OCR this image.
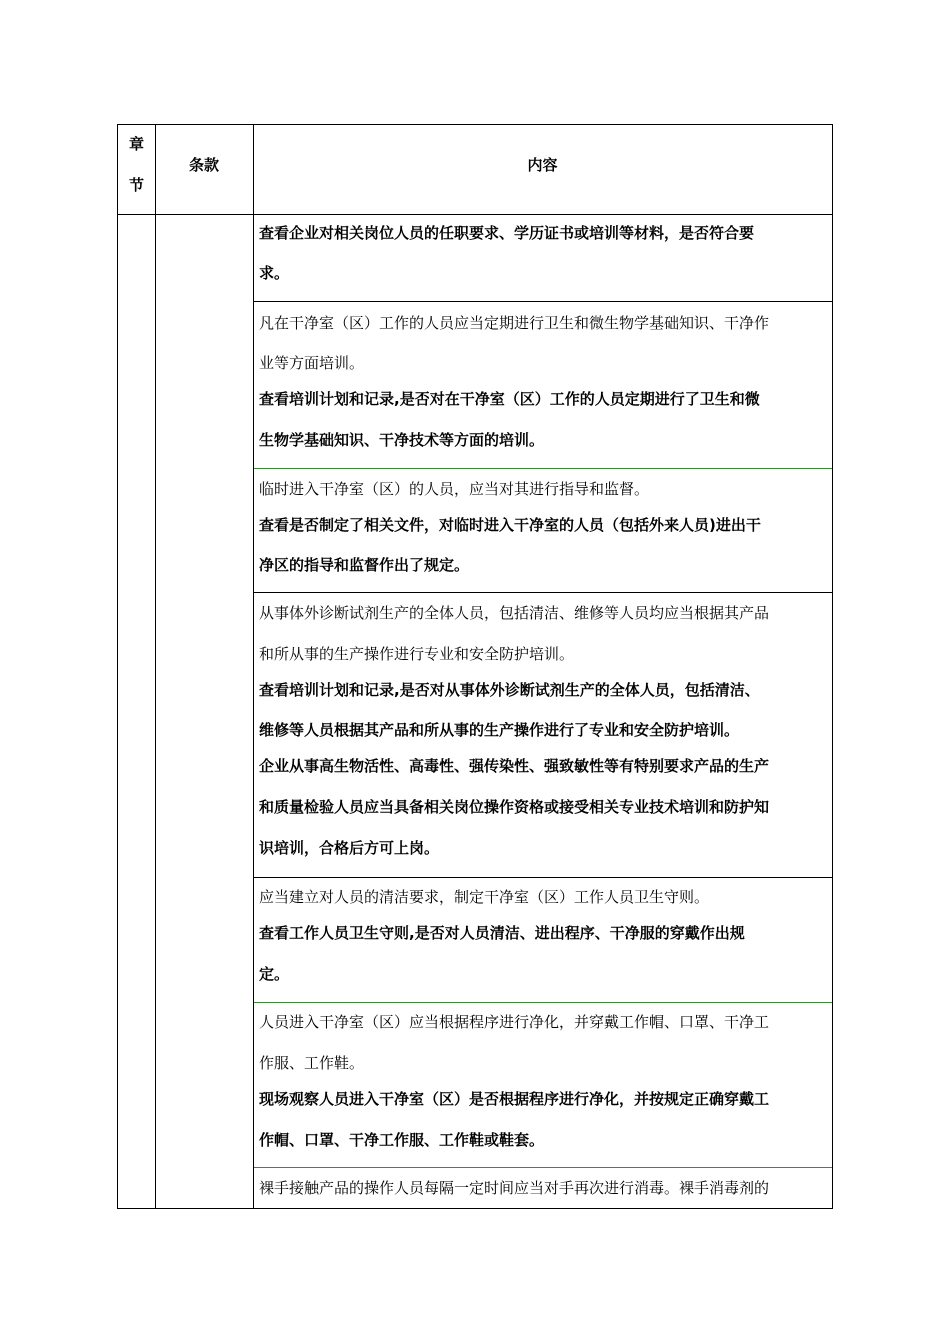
章
节
条款	内容
查看企业对相关岗位人员的任职要求、学历证书或培训等材料，是否符合要
求。
凡在干净室（区）工作的人员应当定期进行卫生和微生物学基础知识、干净作
业等方面培训。
查看培训计划和记录,是否对在干净室（区）工作的人员定期进行了卫生和微
生物学基础知识、干净技术等方面的培训。
临时进入干净室（区）的人员，应当对其进行指导和监督。
查看是否制定了相关文件，对临时进入干净室的人员（包括外来人员)进出干
净区的指导和监督作出了规定。
从事体外诊断试剂生产的全体人员，包括清洁、维修等人员均应当根据其产品
和所从事的生产操作进行专业和安全防护培训。
查看培训计划和记录,是否对从事体外诊断试剂生产的全体人员，包括清洁、
维修等人员根据其产品和所从事的生产操作进行了专业和安全防护培训。
企业从事高生物活性、高毒性、强传染性、强致敏性等有特别要求产品的生产
和质量检验人员应当具备相关岗位操作资格或接受相关专业技术培训和防护知
识培训，合格后方可上岗。
应当建立对人员的清洁要求，制定干净室（区）工作人员卫生守则。
查看工作人员卫生守则,是否对人员清洁、进出程序、干净服的穿戴作出规
定。
人员进入干净室（区）应当根据程序进行净化，并穿戴工作帽、口罩、干净工
作服、工作鞋。
现场观察人员进入干净室（区）是否根据程序进行净化，并按规定正确穿戴工
作帽、口罩、干净工作服、工作鞋或鞋套。
裸手接触产品的操作人员每隔一定时间应当对手再次进行消毒。裸手消毒剂的
